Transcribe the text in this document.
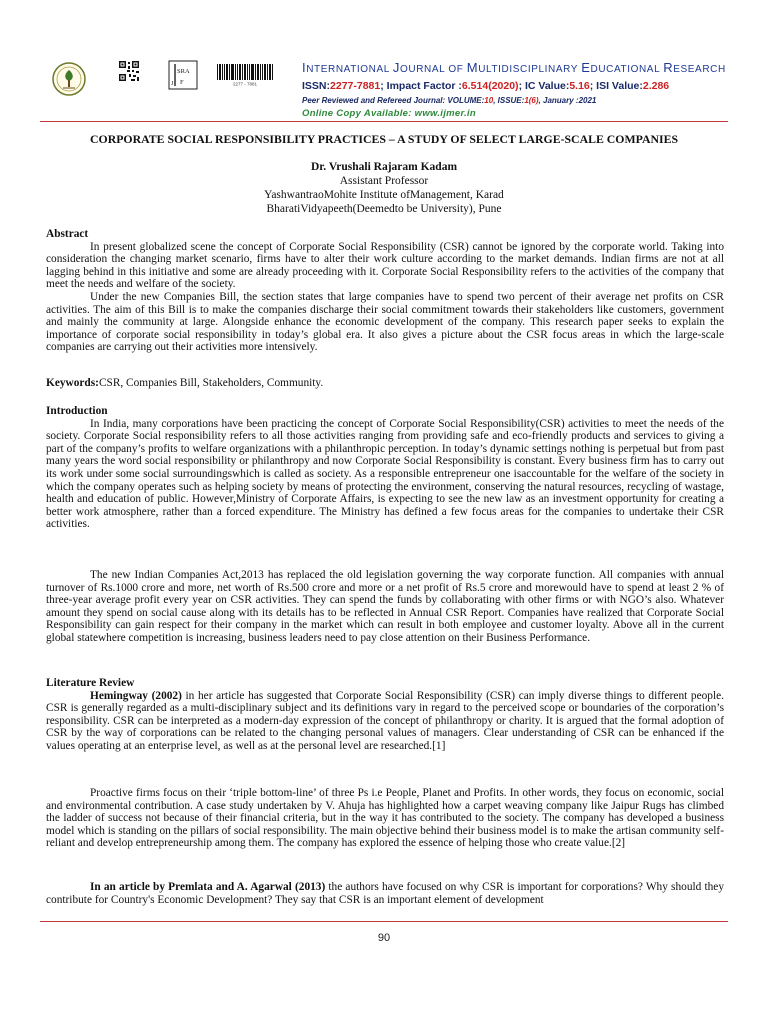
SRA
J F	2277 - 7881
INTERNATIONAL JOURNAL OF MULTIDISCIPLINARY EDUCATIONAL RESEARCH
ISSN:2277-7881; Impact Factor :6.514(2020); IC Value:5.16; ISI Value:2.286
Peer Reviewed and Refereed Journal: VOLUME:10, ISSUE:1(6), January :2021
Online Copy Available: www.ijmer.in
CORPORATE SOCIAL RESPONSIBILITY PRACTICES – A STUDY OF SELECT LARGE-SCALE COMPANIES
Dr. Vrushali Rajaram Kadam
Assistant Professor
YashwantraoMohite Institute ofManagement, Karad
BharatiVidyapeeth(Deemedto be University), Pune
Abstract

In present globalized scene the concept of Corporate Social Responsibility (CSR) cannot be ignored by the corporate world. Taking into consideration the changing market scenario, firms have to alter their work culture according to the market demands. Indian firms are not at all lagging behind in this initiative and some are already proceeding with it. Corporate Social Responsibility refers to the activities of the company that meet the needs and welfare of the society.

Under the new Companies Bill, the section states that large companies have to spend two percent of their average net profits on CSR activities. The aim of this Bill is to make the companies discharge their social commitment towards their stakeholders like customers, government and mainly the community at large. Alongside enhance the economic development of the company. This research paper seeks to explain the importance of corporate social responsibility in today’s global era. It also gives a picture about the CSR focus areas in which the large-scale companies are carrying out their activities more intensively.

Keywords:CSR, Companies Bill, Stakeholders, Community.

Introduction

In India, many corporations have been practicing the concept of Corporate Social Responsibility(CSR) activities to meet the needs of the society. Corporate Social responsibility refers to all those activities ranging from providing safe and eco-friendly products and services to giving a part of the company’s profits to welfare organizations with a philanthropic perception. In today’s dynamic settings nothing is perpetual but from past many years the word social responsibility or philanthropy and now Corporate Social Responsibility is constant. Every business firm has to carry out its work under some social surroundingswhich is called as society. As a responsible entrepreneur one isaccountable for the welfare of the society in which the company operates such as helping society by means of protecting the environment, conserving the natural resources, recycling of wastage, health and education of public. However,Ministry of Corporate Affairs, is expecting to see the new law as an investment opportunity for creating a better work atmosphere, rather than a forced expenditure. The Ministry has defined a few focus areas for the companies to undertake their CSR activities.

The new Indian Companies Act,2013 has replaced the old legislation governing the way corporate function. All companies with annual turnover of Rs.1000 crore and more, net worth of Rs.500 crore and more or a net profit of Rs.5 crore and morewould have to spend at least 2 % of three-year average profit every year on CSR activities. They can spend the funds by collaborating with other firms or with NGO’s also. Whatever amount they spend on social cause along with its details has to be reflected in Annual CSR Report. Companies have realized that Corporate Social Responsibility can gain respect for their company in the market which can result in both employee and customer loyalty. Above all in the current global statewhere competition is increasing, business leaders need to pay close attention on their Business Performance.

Literature Review

Hemingway (2002) in her article has suggested that Corporate Social Responsibility (CSR) can imply diverse things to different people. CSR is generally regarded as a multi-disciplinary subject and its definitions vary in regard to the perceived scope or boundaries of the corporation’s responsibility. CSR can be interpreted as a modern-day expression of the concept of philanthropy or charity. It is argued that the formal adoption of CSR by the way of corporations can be related to the changing personal values of managers. Clear understanding of CSR can be enhanced if the values operating at an enterprise level, as well as at the personal level are researched.[1]

Proactive firms focus on their ‘triple bottom-line’ of three Ps i.e People, Planet and Profits. In other words, they focus on economic, social and environmental contribution. A case study undertaken by V. Ahuja has highlighted how a carpet weaving company like Jaipur Rugs has climbed the ladder of success not because of their financial criteria, but in the way it has contributed to the society. The company has developed a business model which is standing on the pillars of social responsibility. The main objective behind their business model is to make the artisan community self-reliant and develop entrepreneurship among them. The company has explored the essence of helping those who create value.[2]

In an article by Premlata and A. Agarwal (2013) the authors have focused on why CSR is important for corporations? Why should they contribute for Country's Economic Development? They say that CSR is an important element of development

90
